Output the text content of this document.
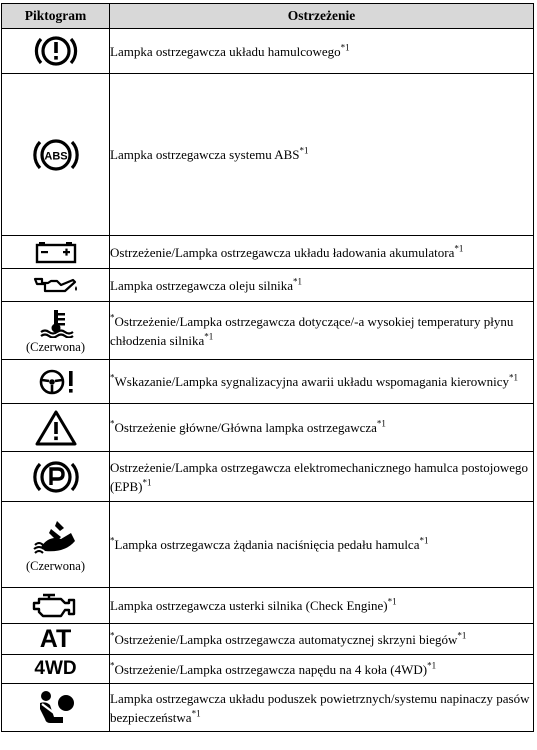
Piktogram	Ostrzeżenie

	Lampka ostrzegawcza układu hamulcowego$^{*1}$

ABS	Lampka ostrzegawcza systemu ABS$^{*1}$

	Ostrzeżenie/Lampka ostrzegawcza układu ładowania akumulatora$^{*1}$

	Lampka ostrzegawcza oleju silnika$^{*1}$

(Czerwona)	*Ostrzeżenie/Lampka ostrzegawcza dotyczące/-a wysokiej temperatury płynu chłodzenia silnika$^{*1}$

	*Wskazanie/Lampka sygnalizacyjna awarii układu wspomagania kierownicy$^{*1}$

	*Ostrzeżenie główne/Główna lampka ostrzegawcza$^{*1}$

	Ostrzeżenie/Lampka ostrzegawcza elektromechanicznego hamulca postojowego (EPB)$^{*1}$

(Czerwona)	*Lampka ostrzegawcza żądania naciśnięcia pedału hamulca$^{*1}$

	Lampka ostrzegawcza usterki silnika (Check Engine)$^{*1}$
AT	*Ostrzeżenie/Lampka ostrzegawcza automatycznej skrzyni biegów$^{*1}$
4WD	*Ostrzeżenie/Lampka ostrzegawcza napędu na 4 koła $(4WD)^{*1}$

	Lampka ostrzegawcza układu poduszek powietrznych/systemu napinaczy pasów bezpieczeństwa$^{*1}$
